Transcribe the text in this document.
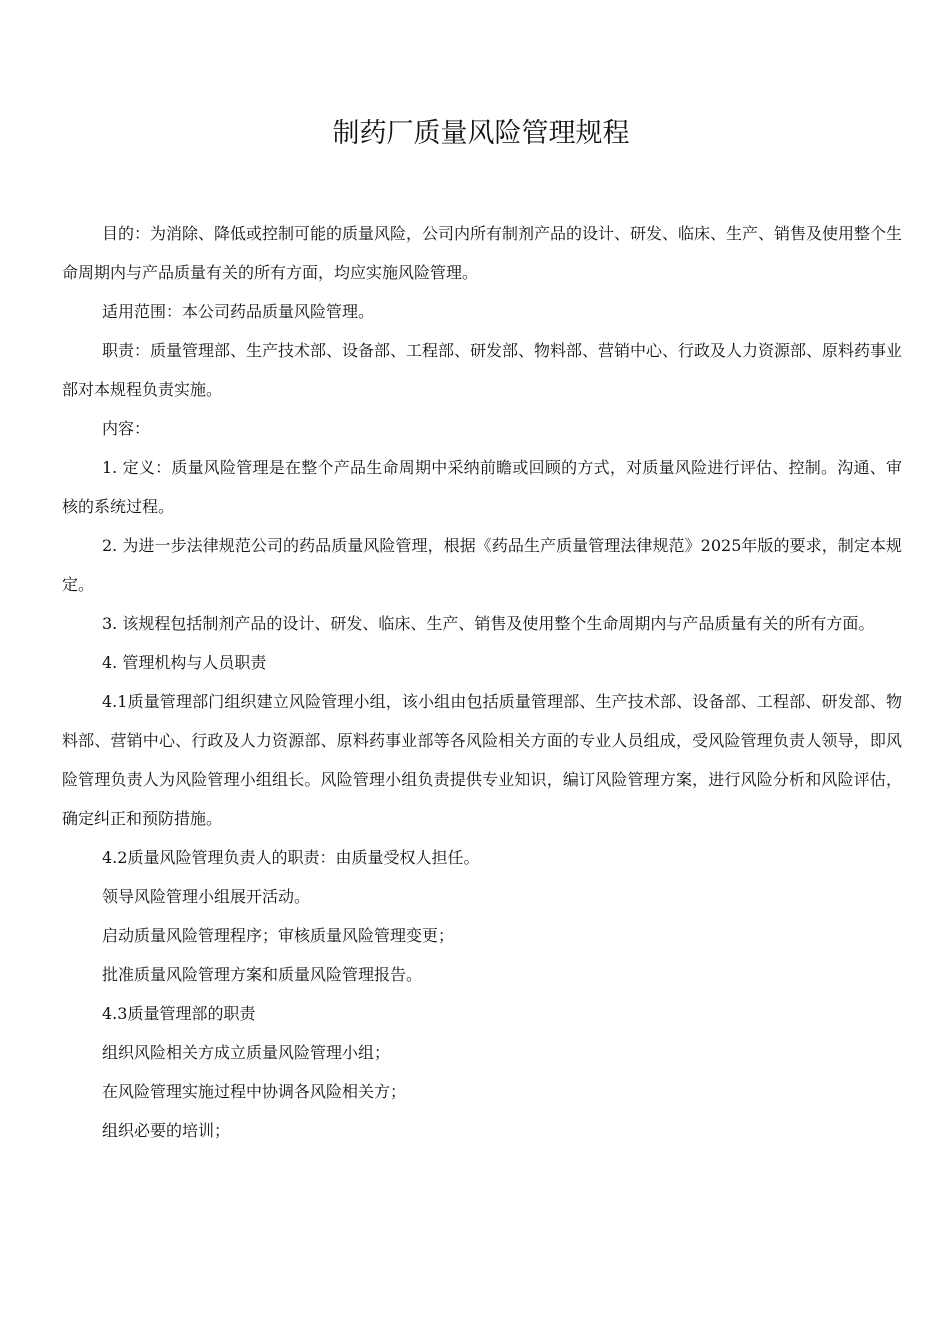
制药厂质量风险管理规程

目的：为消除、降低或控制可能的质量风险，公司内所有制剂产品的设计、研发、临床、生产、销售及使用整个生命周期内与产品质量有关的所有方面，均应实施风险管理。

适用范围：本公司药品质量风险管理。

职责：质量管理部、生产技术部、设备部、工程部、研发部、物料部、营销中心、行政及人力资源部、原料药事业部对本规程负责实施。

内容：

1. 定义：质量风险管理是在整个产品生命周期中采纳前瞻或回顾的方式，对质量风险进行评估、控制。沟通、审核的系统过程。

2. 为进一步法律规范公司的药品质量风险管理，根据《药品生产质量管理法律规范》2025年版的要求，制定本规定。

3. 该规程包括制剂产品的设计、研发、临床、生产、销售及使用整个生命周期内与产品质量有关的所有方面。

4. 管理机构与人员职责

4.1质量管理部门组织建立风险管理小组，该小组由包括质量管理部、生产技术部、设备部、工程部、研发部、物料部、营销中心、行政及人力资源部、原料药事业部等各风险相关方面的专业人员组成，受风险管理负责人领导，即风险管理负责人为风险管理小组组长。风险管理小组负责提供专业知识，编订风险管理方案，进行风险分析和风险评估，确定纠正和预防措施。

4.2质量风险管理负责人的职责：由质量受权人担任。

领导风险管理小组展开活动。

启动质量风险管理程序；审核质量风险管理变更；

批准质量风险管理方案和质量风险管理报告。

4.3质量管理部的职责

组织风险相关方成立质量风险管理小组；

在风险管理实施过程中协调各风险相关方；

组织必要的培训；
